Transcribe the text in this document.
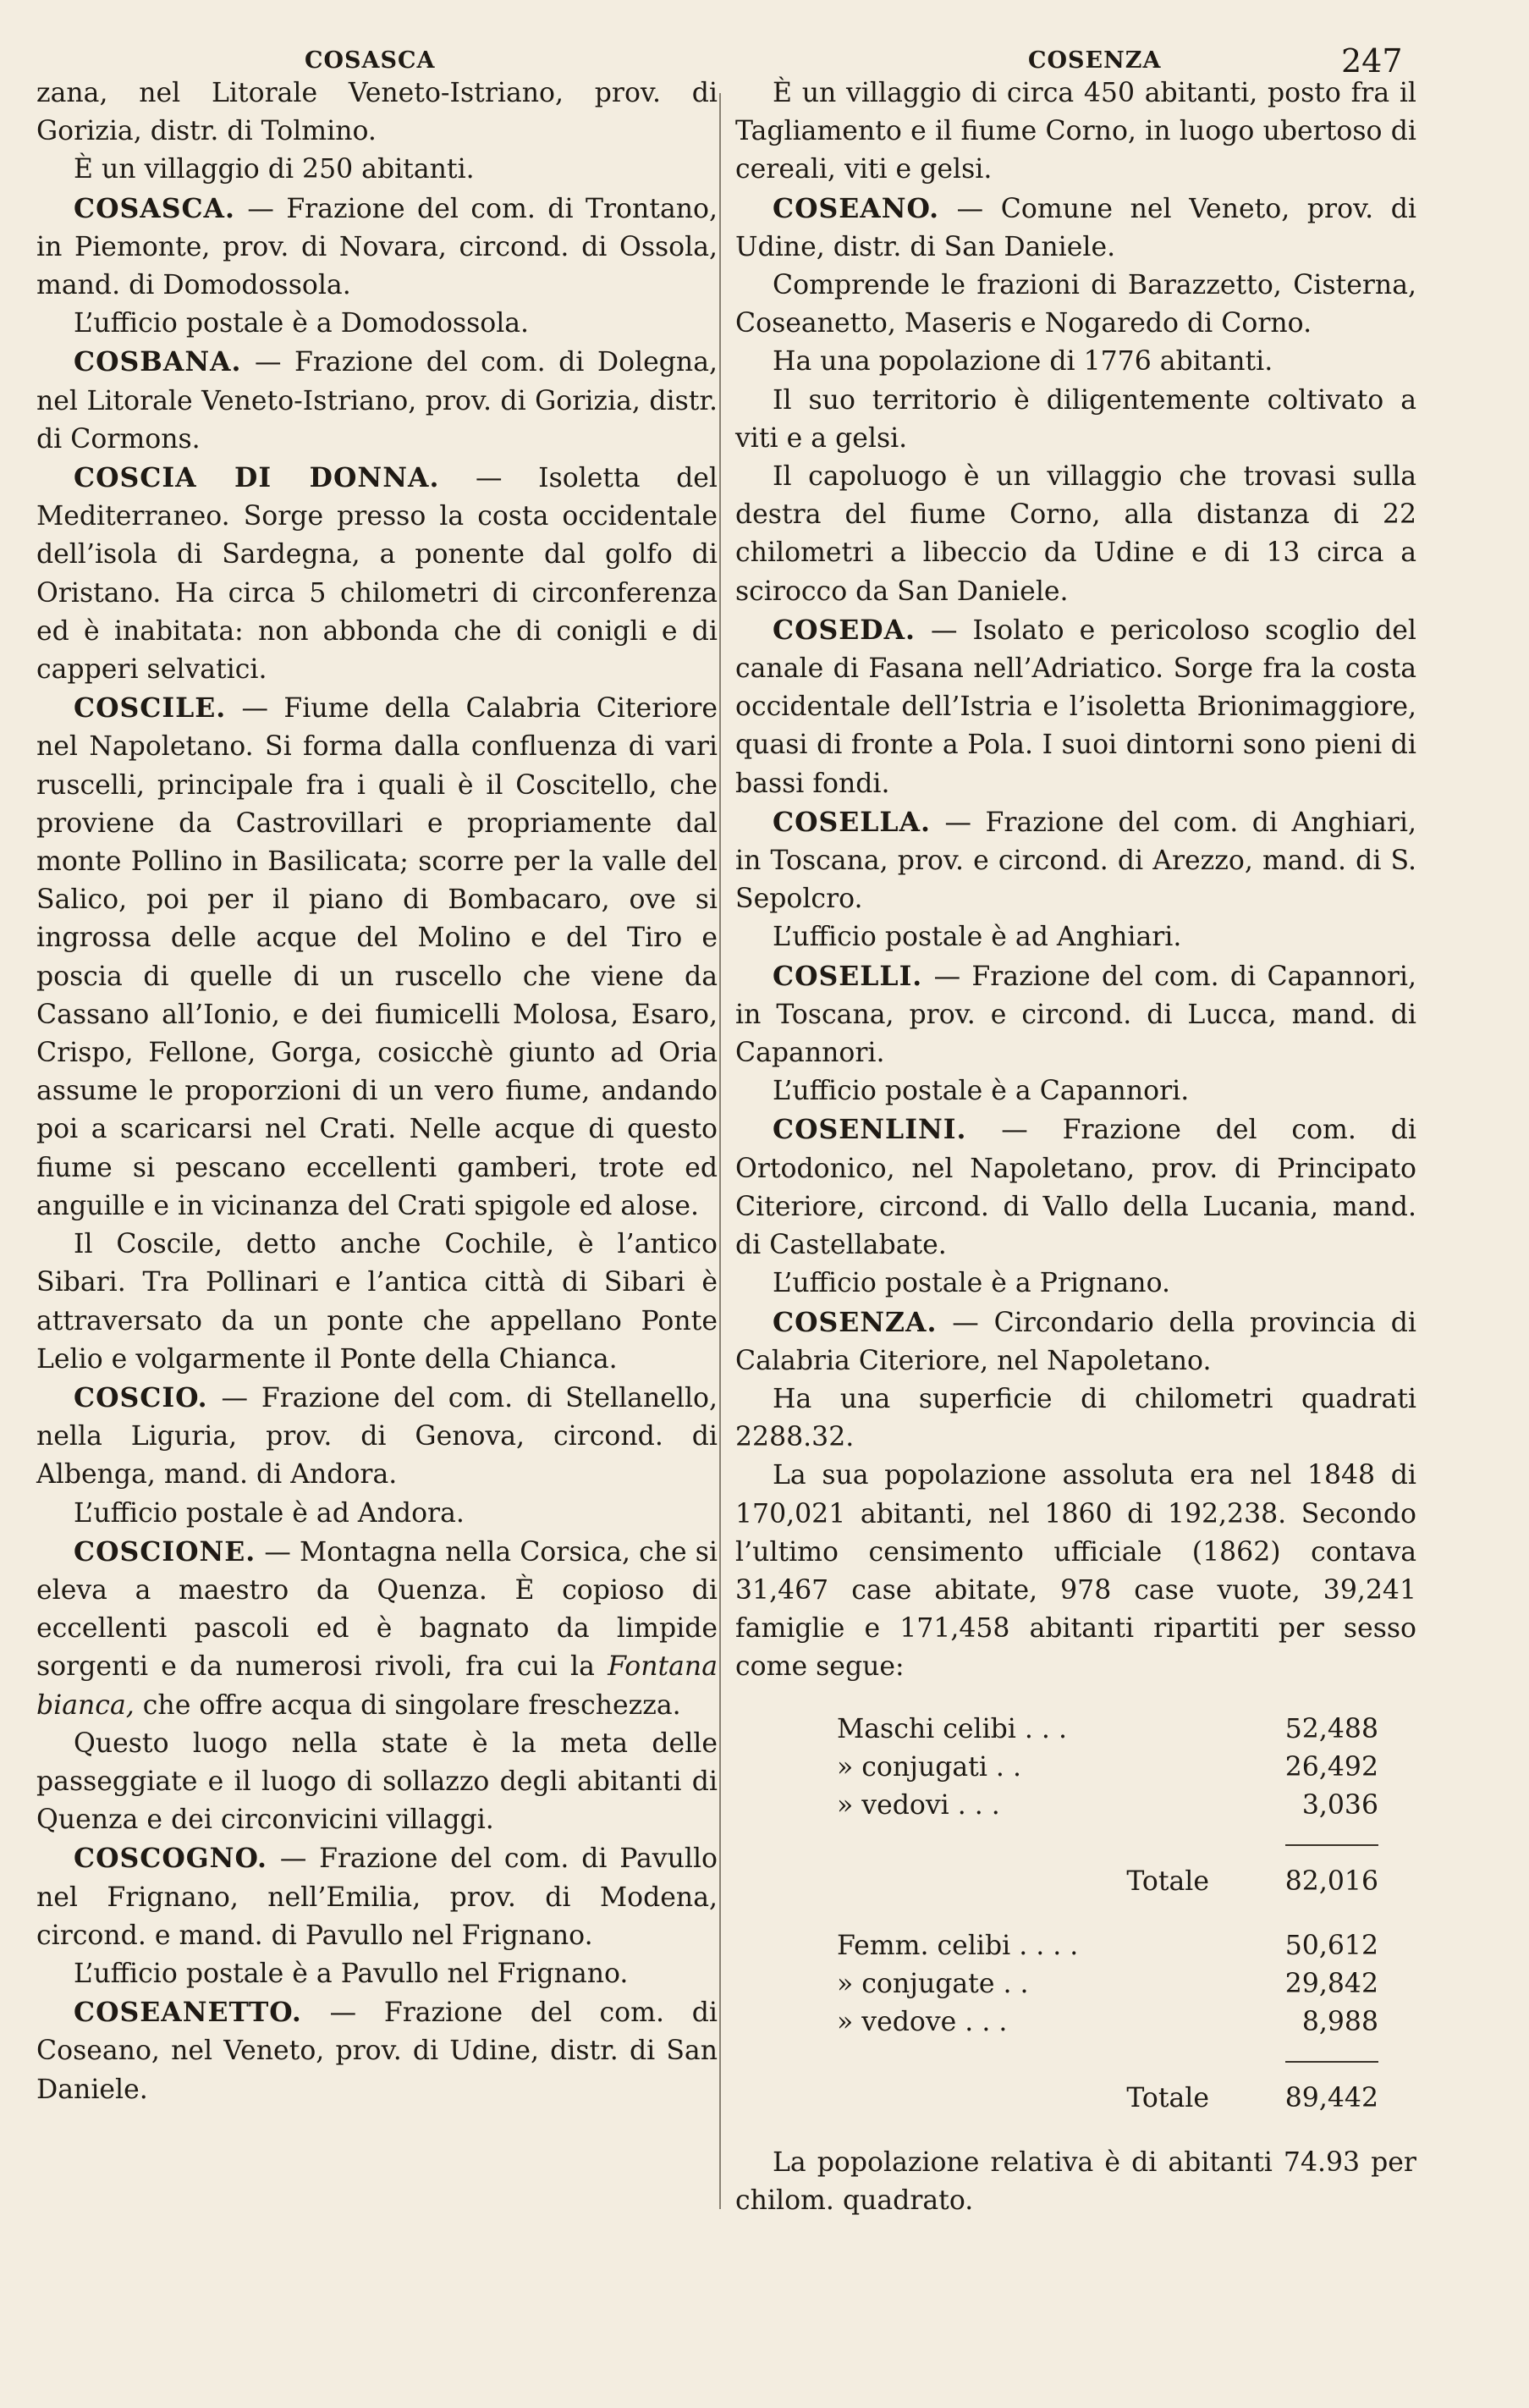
COSASCA	COSENZA	247

zana, nel Litorale Veneto-Istriano, prov. di Gorizia, distr. di Tolmino.

È un villaggio di 250 abitanti.

COSASCA. — Frazione del com. di Trontano, in Piemonte, prov. di Novara, circond. di Ossola, mand. di Domodossola.

L’ufficio postale è a Domodossola.

COSBANA. — Frazione del com. di Dolegna, nel Litorale Veneto-Istriano, prov. di Gorizia, distr. di Cormons.

COSCIA DI DONNA. — Isoletta del Mediterraneo. Sorge presso la costa occidentale dell’isola di Sardegna, a ponente dal golfo di Oristano. Ha circa 5 chilometri di circonferenza ed è inabitata: non abbonda che di conigli e di capperi selvatici.

COSCILE. — Fiume della Calabria Citeriore nel Napoletano. Si forma dalla confluenza di vari ruscelli, principale fra i quali è il Coscitello, che proviene da Castrovillari e propriamente dal monte Pollino in Basilicata; scorre per la valle del Salico, poi per il piano di Bombacaro, ove si ingrossa delle acque del Molino e del Tiro e poscia di quelle di un ruscello che viene da Cassano all’Ionio, e dei fiumicelli Molosa, Esaro, Crispo, Fellone, Gorga, cosicchè giunto ad Oria assume le proporzioni di un vero fiume, andando poi a scaricarsi nel Crati. Nelle acque di questo fiume si pescano eccellenti gamberi, trote ed anguille e in vicinanza del Crati spigole ed alose.

Il Coscile, detto anche Cochile, è l’antico Sibari. Tra Pollinari e l’antica città di Sibari è attraversato da un ponte che appellano Ponte Lelio e volgarmente il Ponte della Chianca.

COSCIO. — Frazione del com. di Stellanello, nella Liguria, prov. di Genova, circond. di Albenga, mand. di Andora.

L’ufficio postale è ad Andora.

COSCIONE. — Montagna nella Corsica, che si eleva a maestro da Quenza. È copioso di eccellenti pascoli ed è bagnato da limpide sorgenti e da numerosi rivoli, fra cui la Fontana bianca, che offre acqua di singolare freschezza.

Questo luogo nella state è la meta delle passeggiate e il luogo di sollazzo degli abitanti di Quenza e dei circonvicini villaggi.

COSCOGNO. — Frazione del com. di Pavullo nel Frignano, nell’Emilia, prov. di Modena, circond. e mand. di Pavullo nel Frignano.

L’ufficio postale è a Pavullo nel Frignano.

COSEANETTO. — Frazione del com. di Coseano, nel Veneto, prov. di Udine, distr. di San Daniele.

È un villaggio di circa 450 abitanti, posto fra il Tagliamento e il fiume Corno, in luogo ubertoso di cereali, viti e gelsi.

COSEANO. — Comune nel Veneto, prov. di Udine, distr. di San Daniele.

Comprende le frazioni di Barazzetto, Cisterna, Coseanetto, Maseris e Nogaredo di Corno.

Ha una popolazione di 1776 abitanti.

Il suo territorio è diligentemente coltivato a viti e a gelsi.

Il capoluogo è un villaggio che trovasi sulla destra del fiume Corno, alla distanza di 22 chilometri a libeccio da Udine e di 13 circa a scirocco da San Daniele.

COSEDA. — Isolato e pericoloso scoglio del canale di Fasana nell’Adriatico. Sorge fra la costa occidentale dell’Istria e l’isoletta Brionimaggiore, quasi di fronte a Pola. I suoi dintorni sono pieni di bassi fondi.

COSELLA. — Frazione del com. di Anghiari, in Toscana, prov. e circond. di Arezzo, mand. di S. Sepolcro.

L’ufficio postale è ad Anghiari.

COSELLI. — Frazione del com. di Capannori, in Toscana, prov. e circond. di Lucca, mand. di Capannori.

L’ufficio postale è a Capannori.

COSENLINI. — Frazione del com. di Ortodonico, nel Napoletano, prov. di Principato Citeriore, circond. di Vallo della Lucania, mand. di Castellabate.

L’ufficio postale è a Prignano.

COSENZA. — Circondario della provincia di Calabria Citeriore, nel Napoletano.

Ha una superficie di chilometri quadrati 2288.32.

La sua popolazione assoluta era nel 1848 di 170,021 abitanti, nel 1860 di 192,238. Secondo l’ultimo censimento ufficiale (1862) contava 31,467 case abitate, 978 case vuote, 39,241 famiglie e 171,458 abitanti ripartiti per sesso come segue:

Maschi celibi . . .	52,488
» conjugati . .	26,492
» vedovi . . .	3,036

Totale	82,016

Femm. celibi . . . .	50,612
» conjugate . .	29,842
» vedove . . .	8,988

Totale	89,442

La popolazione relativa è di abitanti 74.93 per chilom. quadrato.
